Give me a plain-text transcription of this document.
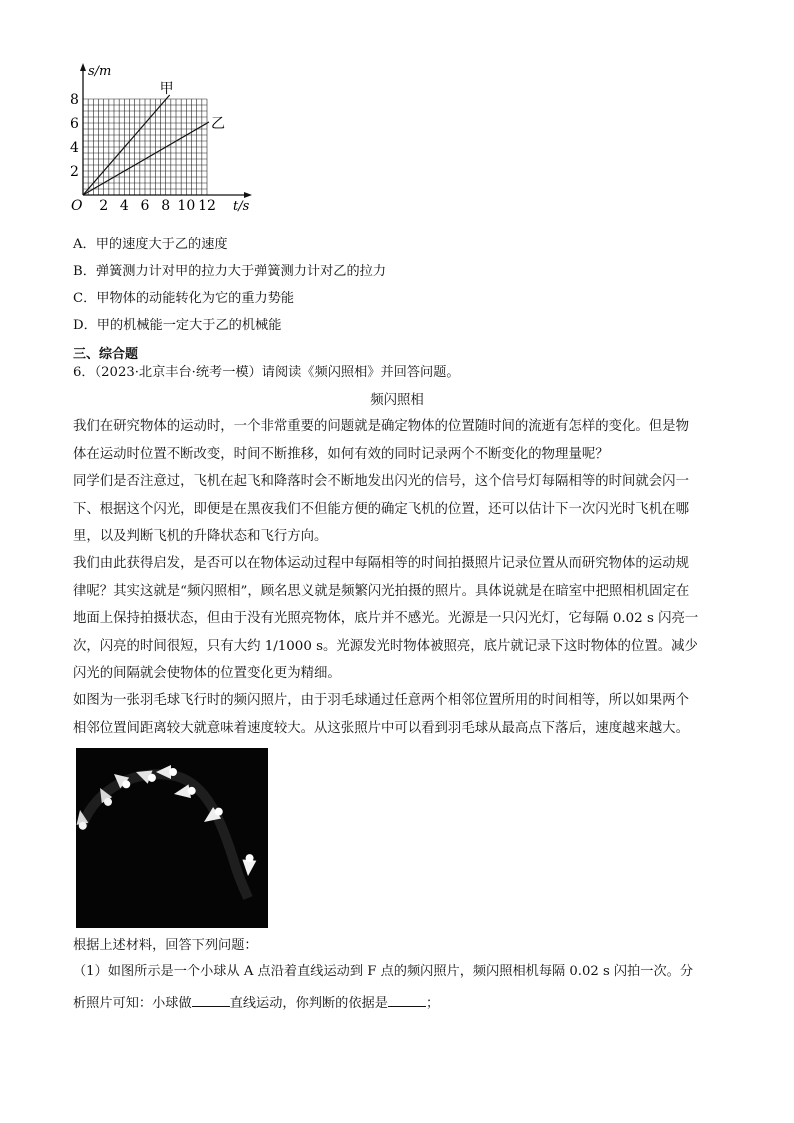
s/m
t/s
O
甲
乙
2
4
6
8
2 4 6 8 10 12
A．甲的速度大于乙的速度
B．弹簧测力计对甲的拉力大于弹簧测力计对乙的拉力
C．甲物体的动能转化为它的重力势能
D．甲的机械能一定大于乙的机械能
三、综合题
6．（2023·北京丰台·统考一模）请阅读《频闪照相》并回答问题。
频闪照相
我们在研究物体的运动时，一个非常重要的问题就是确定物体的位置随时间的流逝有怎样的变化。但是物
体在运动时位置不断改变，时间不断推移，如何有效的同时记录两个不断变化的物理量呢？
同学们是否注意过，飞机在起飞和降落时会不断地发出闪光的信号，这个信号灯每隔相等的时间就会闪一
下、根据这个闪光，即便是在黑夜我们不但能方便的确定飞机的位置，还可以估计下一次闪光时飞机在哪
里，以及判断飞机的升降状态和飞行方向。
我们由此获得启发，是否可以在物体运动过程中每隔相等的时间拍摄照片记录位置从而研究物体的运动规
律呢？其实这就是“频闪照相”，顾名思义就是频繁闪光拍摄的照片。具体说就是在暗室中把照相机固定在
地面上保持拍摄状态，但由于没有光照亮物体，底片并不感光。光源是一只闪光灯，它每隔 0.02 s 闪亮一
次，闪亮的时间很短，只有大约 1/1000 s。光源发光时物体被照亮，底片就记录下这时物体的位置。减少
闪光的间隔就会使物体的位置变化更为精细。
如图为一张羽毛球飞行时的频闪照片，由于羽毛球通过任意两个相邻位置所用的时间相等，所以如果两个
相邻位置间距离较大就意味着速度较大。从这张照片中可以看到羽毛球从最高点下落后，速度越来越大。
根据上述材料，回答下列问题：
（1）如图所示是一个小球从 A 点沿着直线运动到 F 点的频闪照片，频闪照相机每隔 0.02 s 闪拍一次。分
析照片可知：小球做	直线运动，你判断的依据是	；
